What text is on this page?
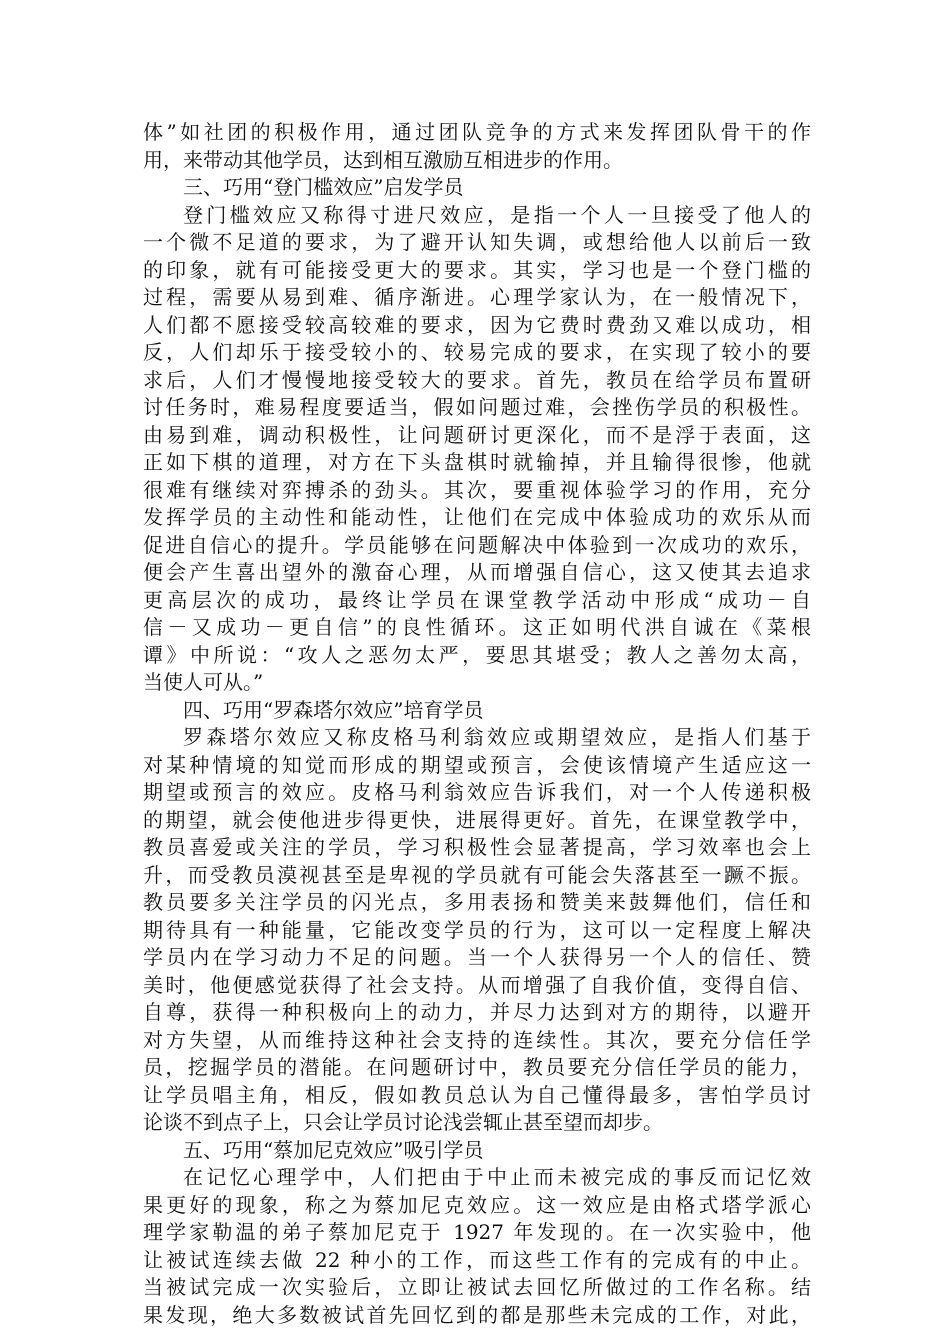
体”如社团的积极作用，通过团队竞争的方式来发挥团队骨干的作
用，来带动其他学员，达到相互激励互相进步的作用。
三、巧用“登门槛效应”启发学员
登门槛效应又称得寸进尺效应，是指一个人一旦接受了他人的
一个微不足道的要求，为了避开认知失调，或想给他人以前后一致
的印象，就有可能接受更大的要求。其实，学习也是一个登门槛的
过程，需要从易到难、循序渐进。心理学家认为，在一般情况下，
人们都不愿接受较高较难的要求，因为它费时费劲又难以成功，相
反，人们却乐于接受较小的、较易完成的要求，在实现了较小的要
求后，人们才慢慢地接受较大的要求。首先，教员在给学员布置研
讨任务时，难易程度要适当，假如问题过难，会挫伤学员的积极性。
由易到难，调动积极性，让问题研讨更深化，而不是浮于表面，这
正如下棋的道理，对方在下头盘棋时就输掉，并且输得很惨，他就
很难有继续对弈搏杀的劲头。其次，要重视体验学习的作用，充分
发挥学员的主动性和能动性，让他们在完成中体验成功的欢乐从而
促进自信心的提升。学员能够在问题解决中体验到一次成功的欢乐，
便会产生喜出望外的激奋心理，从而增强自信心，这又使其去追求
更高层次的成功，最终让学员在课堂教学活动中形成“成功－自
信－又成功－更自信”的良性循环。这正如明代洪自诚在《菜根
谭》中所说：“攻人之恶勿太严，要思其堪受；教人之善勿太高，
当使人可从。”
四、巧用“罗森塔尔效应”培育学员
罗森塔尔效应又称皮格马利翁效应或期望效应，是指人们基于
对某种情境的知觉而形成的期望或预言，会使该情境产生适应这一
期望或预言的效应。皮格马利翁效应告诉我们，对一个人传递积极
的期望，就会使他进步得更快，进展得更好。首先，在课堂教学中，
教员喜爱或关注的学员，学习积极性会显著提高，学习效率也会上
升，而受教员漠视甚至是卑视的学员就有可能会失落甚至一蹶不振。
教员要多关注学员的闪光点，多用表扬和赞美来鼓舞他们，信任和
期待具有一种能量，它能改变学员的行为，这可以一定程度上解决
学员内在学习动力不足的问题。当一个人获得另一个人的信任、赞
美时，他便感觉获得了社会支持。从而增强了自我价值，变得自信、
自尊，获得一种积极向上的动力，并尽力达到对方的期待，以避开
对方失望，从而维持这种社会支持的连续性。其次，要充分信任学
员，挖掘学员的潜能。在问题研讨中，教员要充分信任学员的能力，
让学员唱主角，相反，假如教员总认为自己懂得最多，害怕学员讨
论谈不到点子上，只会让学员讨论浅尝辄止甚至望而却步。
五、巧用“蔡加尼克效应”吸引学员
在记忆心理学中，人们把由于中止而未被完成的事反而记忆效
果更好的现象，称之为蔡加尼克效应。这一效应是由格式塔学派心
理学家勒温的弟子蔡加尼克于 1927 年发现的。在一次实验中，他
让被试连续去做 22 种小的工作，而这些工作有的完成有的中止。
当被试完成一次实验后，立即让被试去回忆所做过的工作名称。结
果发现，绝大多数被试首先回忆到的都是那些未完成的工作，对此，
